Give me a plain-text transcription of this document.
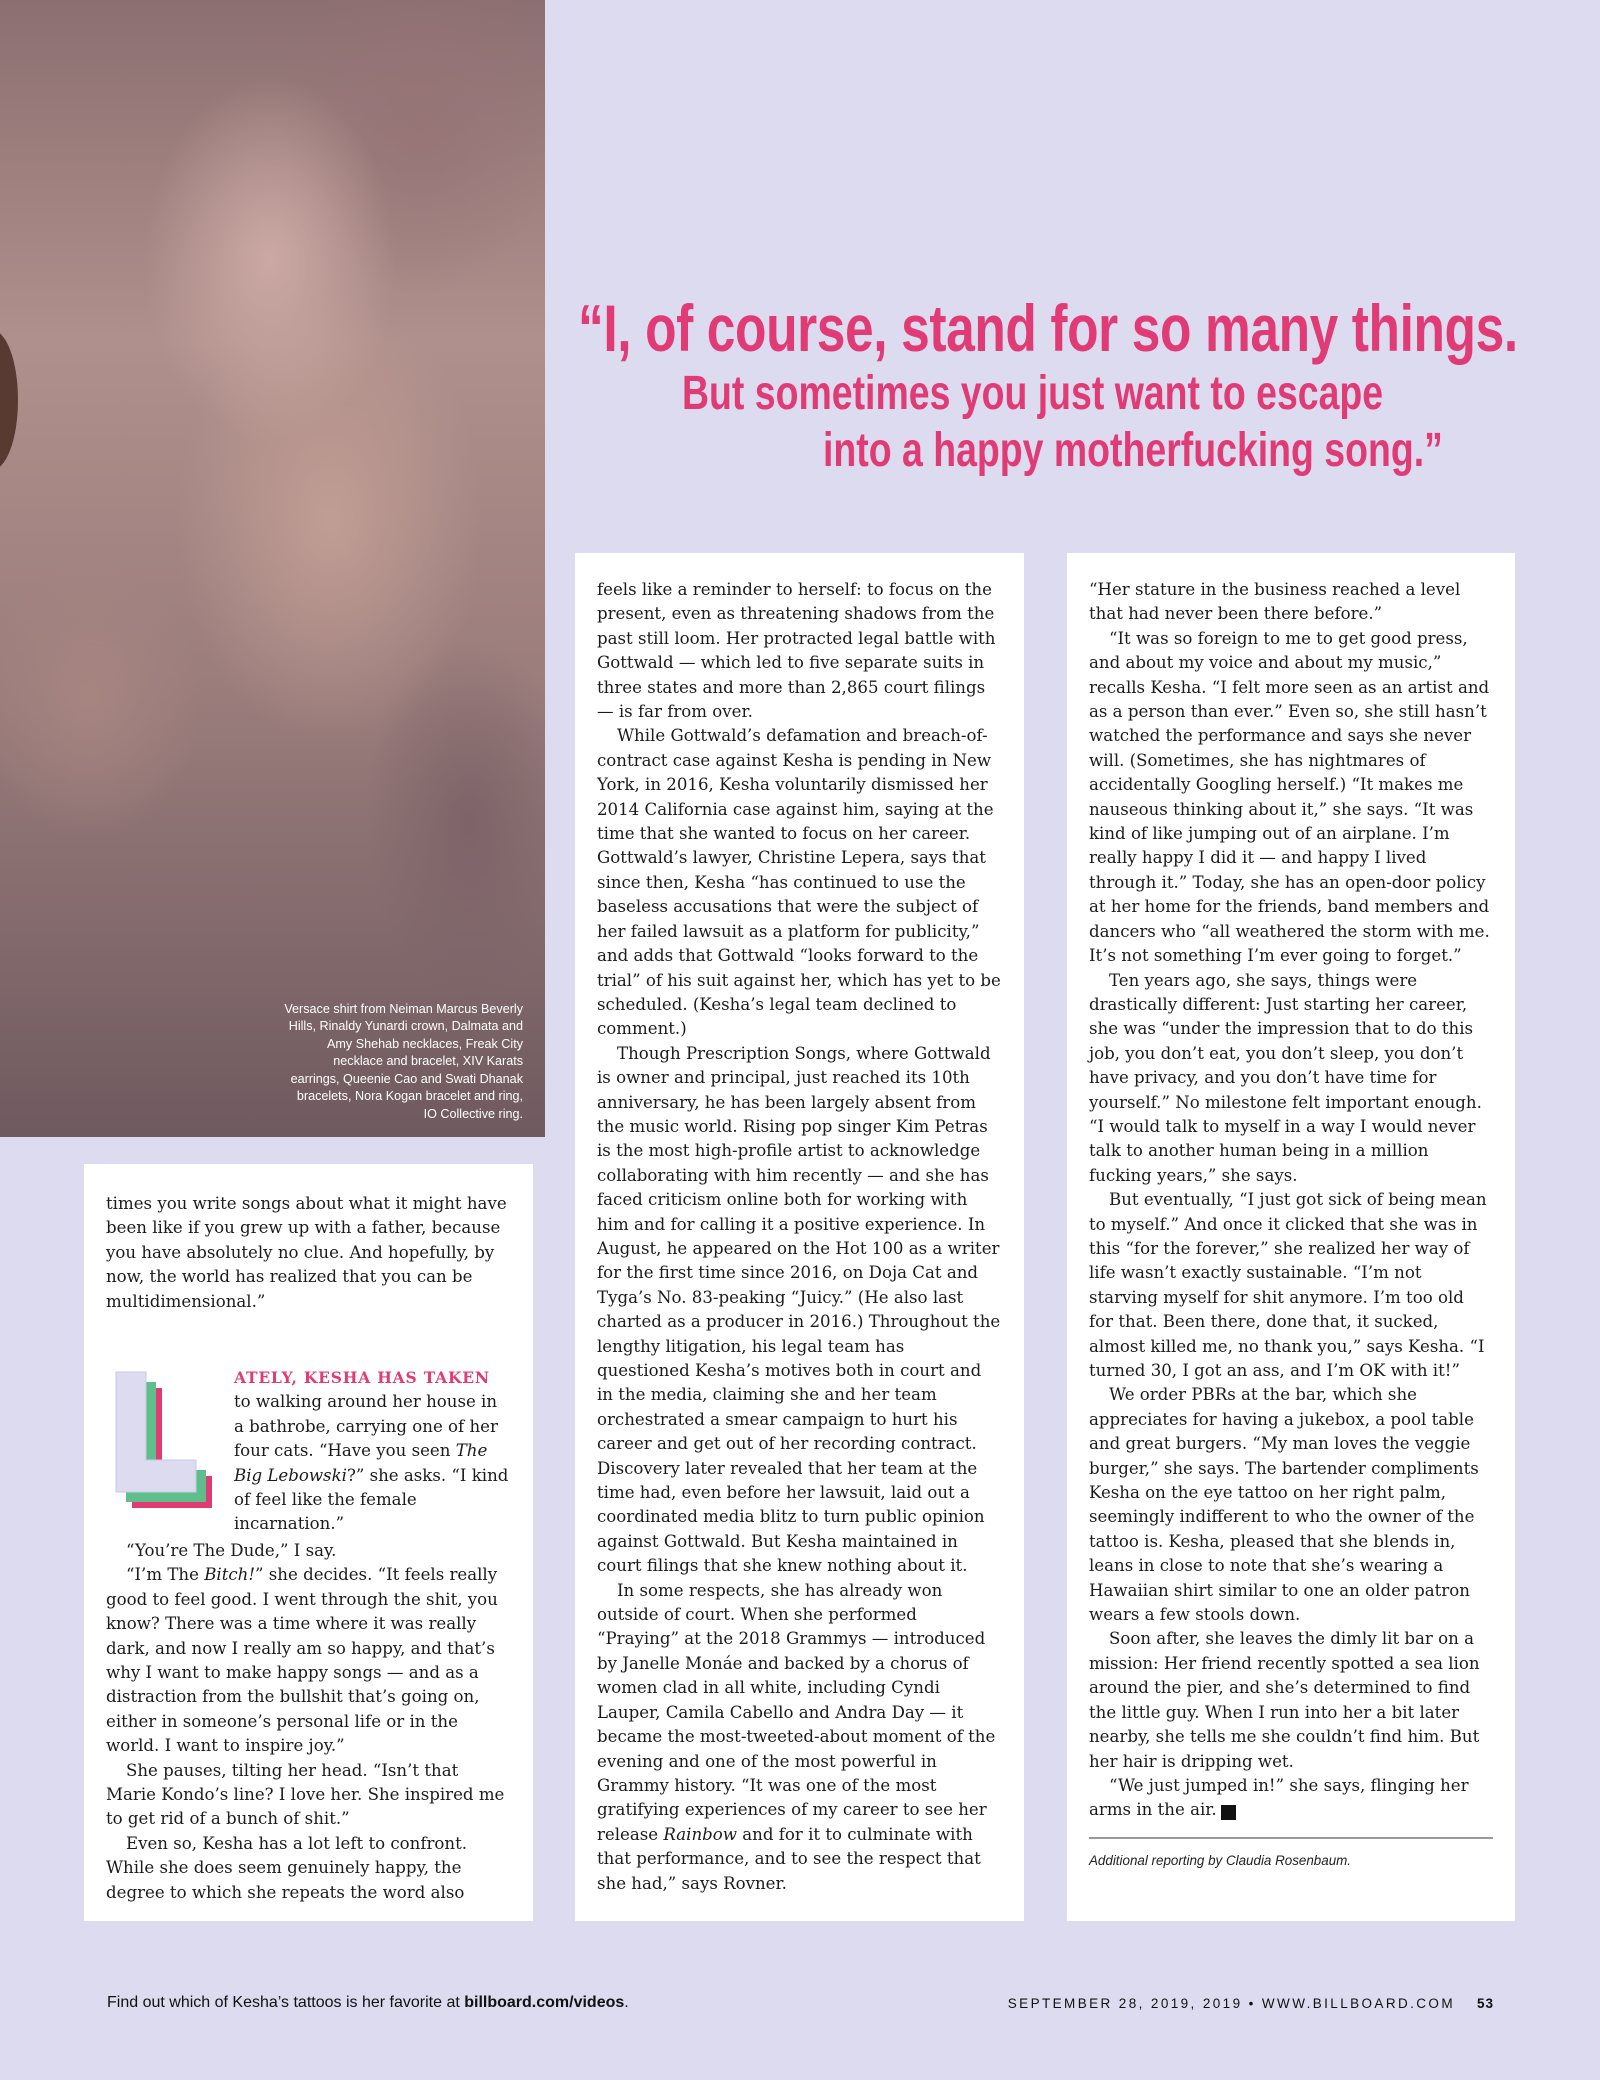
Versace shirt from Neiman Marcus Beverly Hills, Rinaldy Yunardi crown, Dalmata and Amy Shehab necklaces, Freak City necklace and bracelet, XIV Karats earrings, Queenie Cao and Swati Dhanak bracelets, Nora Kogan bracelet and ring, IO Collective ring.
“I, of course, stand for so many things.
But sometimes you just want to escape
into a happy motherfucking song.”

times you write songs about what it might have been like if you grew up with a father, because you have absolutely no clue. And hopefully, by now, the world has realized that you can be multidimensional.”

ATELY, KESHA HAS TAKEN to walking around her house in a bathrobe, carrying one of her four cats. “Have you seen The Big Lebowski?” she asks. “I kind of feel like the female incarnation.”

“You’re The Dude,” I say.

“I’m The Bitch!” she decides. “It feels really good to feel good. I went through the shit, you know? There was a time where it was really dark, and now I really am so happy, and that’s why I want to make happy songs — and as a distraction from the bullshit that’s going on, either in someone’s personal life or in the world. I want to inspire joy.”

She pauses, tilting her head. “Isn’t that Marie Kondo’s line? I love her. She inspired me to get rid of a bunch of shit.”

Even so, Kesha has a lot left to confront. While she does seem genuinely happy, the degree to which she repeats the word also

feels like a reminder to herself: to focus on the present, even as threatening shadows from the past still loom. Her protracted legal battle with Gottwald — which led to five separate suits in three states and more than 2,865 court filings — is far from over.

While Gottwald’s defamation and breach-of-contract case against Kesha is pending in New York, in 2016, Kesha voluntarily dismissed her 2014 California case against him, saying at the time that she wanted to focus on her career. Gottwald’s lawyer, Christine Lepera, says that since then, Kesha “has continued to use the baseless accusations that were the subject of her failed lawsuit as a platform for publicity,” and adds that Gottwald “looks forward to the trial” of his suit against her, which has yet to be scheduled. (Kesha’s legal team declined to comment.)

Though Prescription Songs, where Gottwald is owner and principal, just reached its 10th anniversary, he has been largely absent from the music world. Rising pop singer Kim Petras is the most high-profile artist to acknowledge collaborating with him recently — and she has faced criticism online both for working with him and for calling it a positive experience. In August, he appeared on the Hot 100 as a writer for the first time since 2016, on Doja Cat and Tyga’s No. 83-peaking “Juicy.” (He also last charted as a producer in 2016.) Throughout the lengthy litigation, his legal team has questioned Kesha’s motives both in court and in the media, claiming she and her team orchestrated a smear campaign to hurt his career and get out of her recording contract. Discovery later revealed that her team at the time had, even before her lawsuit, laid out a coordinated media blitz to turn public opinion against Gottwald. But Kesha maintained in court filings that she knew nothing about it.

In some respects, she has already won outside of court. When she performed “Praying” at the 2018 Grammys — introduced by Janelle Monáe and backed by a chorus of women clad in all white, including Cyndi Lauper, Camila Cabello and Andra Day — it became the most-tweeted-about moment of the evening and one of the most powerful in Grammy history. “It was one of the most gratifying experiences of my career to see her release Rainbow and for it to culminate with that performance, and to see the respect that she had,” says Rovner.

“Her stature in the business reached a level that had never been there before.”

“It was so foreign to me to get good press, and about my voice and about my music,” recalls Kesha. “I felt more seen as an artist and as a person than ever.” Even so, she still hasn’t watched the performance and says she never will. (Sometimes, she has nightmares of accidentally Googling herself.) “It makes me nauseous thinking about it,” she says. “It was kind of like jumping out of an airplane. I’m really happy I did it — and happy I lived through it.” Today, she has an open-door policy at her home for the friends, band members and dancers who “all weathered the storm with me. It’s not something I’m ever going to forget.”

Ten years ago, she says, things were drastically different: Just starting her career, she was “under the impression that to do this job, you don’t eat, you don’t sleep, you don’t have privacy, and you don’t have time for yourself.” No milestone felt important enough. “I would talk to myself in a way I would never talk to another human being in a million fucking years,” she says.

But eventually, “I just got sick of being mean to myself.” And once it clicked that she was in this “for the forever,” she realized her way of life wasn’t exactly sustainable. “I’m not starving myself for shit anymore. I’m too old for that. Been there, done that, it sucked, almost killed me, no thank you,” says Kesha. “I turned 30, I got an ass, and I’m OK with it!”

We order PBRs at the bar, which she appreciates for having a jukebox, a pool table and great burgers. “My man loves the veggie burger,” she says. The bartender compliments Kesha on the eye tattoo on her right palm, seemingly indifferent to who the owner of the tattoo is. Kesha, pleased that she blends in, leans in close to note that she’s wearing a Hawaiian shirt similar to one an older patron wears a few stools down.

Soon after, she leaves the dimly lit bar on a mission: Her friend recently spotted a sea lion around the pier, and she’s determined to find the little guy. When I run into her a bit later nearby, she tells me she couldn’t find him. But her hair is dripping wet.

“We just jumped in!” she says, flinging her arms in the air. b

Additional reporting by Claudia Rosenbaum.
Find out which of Kesha’s tattoos is her favorite at billboard.com/videos.	SEPTEMBER 28, 2019, 2019 • WWW.BILLBOARD.COM 53
